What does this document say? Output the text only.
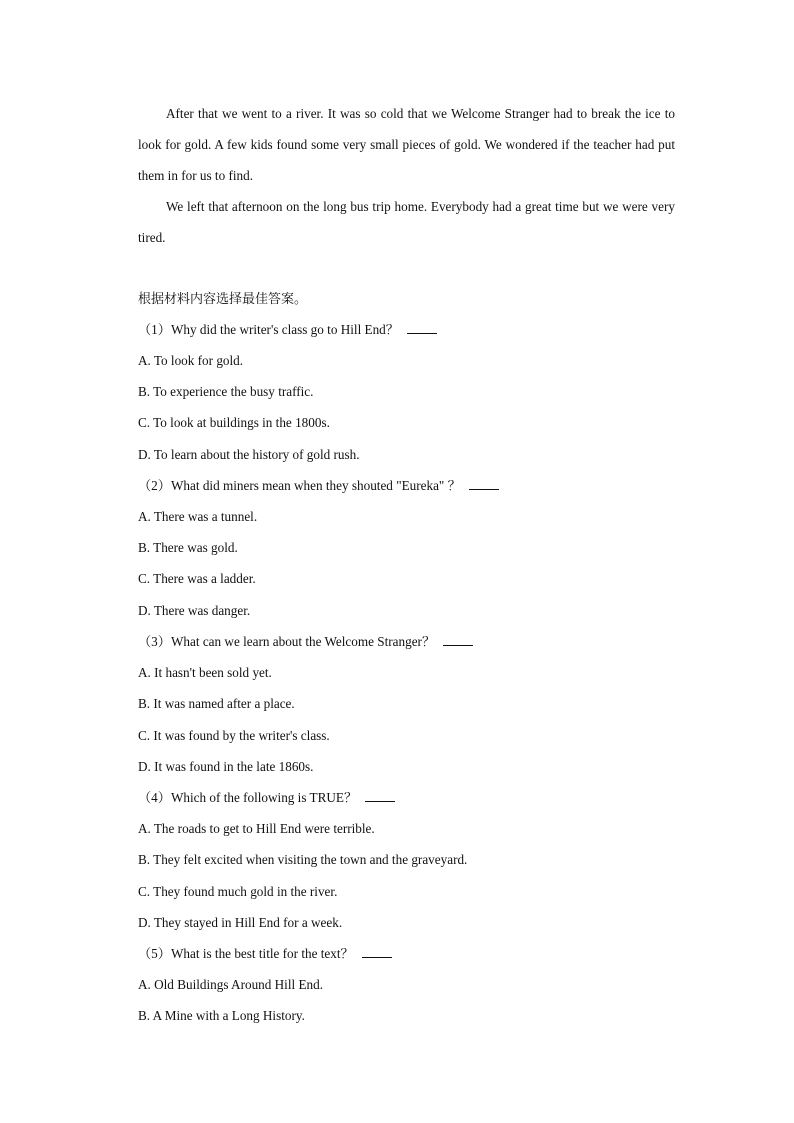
After that we went to a river. It was so cold that we Welcome Stranger had to break the ice to look for gold. A few kids found some very small pieces of gold. We wondered if the teacher had put them in for us to find.

We left that afternoon on the long bus trip home. Everybody had a great time but we were very tired.

根据材料内容选择最佳答案。

（1）Why did the writer's class go to Hill End？

A. To look for gold.

B. To experience the busy traffic.

C. To look at buildings in the 1800s.

D. To learn about the history of gold rush.

（2）What did miners mean when they shouted "Eureka" ？

A. There was a tunnel.

B. There was gold.

C. There was a ladder.

D. There was danger.

（3）What can we learn about the Welcome Stranger？

A. It hasn't been sold yet.

B. It was named after a place.

C. It was found by the writer's class.

D. It was found in the late 1860s.

（4）Which of the following is TRUE？

A. The roads to get to Hill End were terrible.

B. They felt excited when visiting the town and the graveyard.

C. They found much gold in the river.

D. They stayed in Hill End for a week.

（5）What is the best title for the text？

A. Old Buildings Around Hill End.

B. A Mine with a Long History.
